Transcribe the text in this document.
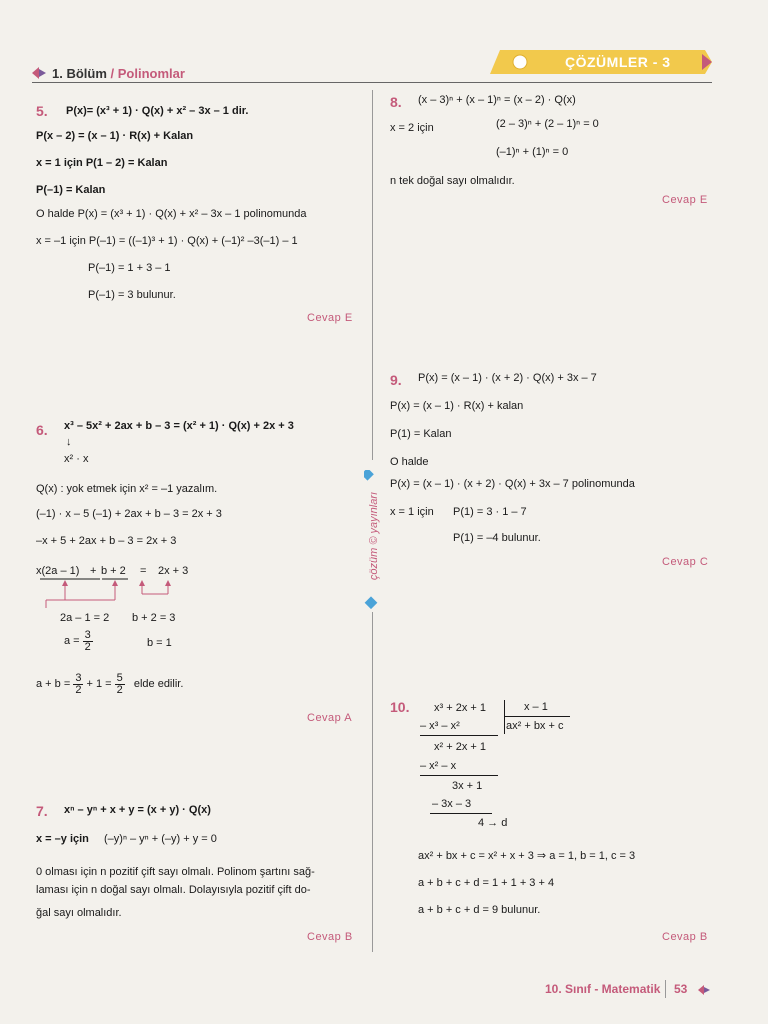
1. Bölüm / Polinomlar
ÇÖZÜMLER - 3
çözüm © yayınları
5. P(x)= (x³ + 1) · Q(x) + x² – 3x – 1 dir.
P(x – 2) = (x – 1) · R(x) + Kalan
x = 1 için P(1 – 2) = Kalan
P(–1) = Kalan
O halde P(x) = (x³ + 1) · Q(x) + x² – 3x – 1 polinomunda
x = –1 için P(–1) = ((–1)³ + 1) · Q(x) + (–1)² –3(–1) – 1
P(–1) = 1 + 3 – 1
P(–1) = 3 bulunur.
Cevap E
6. x³ – 5x² + 2ax + b – 3 = (x² + 1) · Q(x) + 2x + 3
↓
x² · x
Q(x) : yok etmek için x² = –1 yazalım.
(–1) · x – 5 (–1) + 2ax + b – 3 = 2x + 3
–x + 5 + 2ax + b – 3 = 2x + 3
x(2a – 1) + b + 2 = 2x + 3
2a – 1 = 2 b + 2 = 3
$a = \frac{3}{2}$	b = 1
$a + b = \frac{3}{2} + 1 = \frac{5}{2}$ elde edilir.
Cevap A
7. xⁿ – yⁿ + x + y = (x + y) · Q(x)
x = –y için (–y)ⁿ – yⁿ + (–y) + y = 0
0 olması için n pozitif çift sayı olmalı. Polinom şartını sağ-
laması için n doğal sayı olmalı. Dolayısıyla pozitif çift do-
ğal sayı olmalıdır.
Cevap B
8. (x – 3)ⁿ + (x – 1)ⁿ = (x – 2) · Q(x)
x = 2 için	(2 – 3)ⁿ + (2 – 1)ⁿ = 0
(–1)ⁿ + (1)ⁿ = 0
n tek doğal sayı olmalıdır.
Cevap E
9. P(x) = (x – 1) · (x + 2) · Q(x) + 3x – 7
P(x) = (x – 1) · R(x) + kalan
P(1) = Kalan
O halde
P(x) = (x – 1) · (x + 2) · Q(x) + 3x – 7 polinomunda
x = 1 için P(1) = 3 · 1 – 7
P(1) = –4 bulunur.
Cevap C
10. x³ + 2x + 1	x – 1
ax² + bx + c
– x³ – x²
x² + 2x + 1
– x² – x
3x + 1
– 3x – 3
4 → d
ax² + bx + c = x² + x + 3 ⇒ a = 1, b = 1, c = 3
a + b + c + d = 1 + 1 + 3 + 4
a + b + c + d = 9 bulunur.
Cevap B
10. Sınıf - Matematik 53
